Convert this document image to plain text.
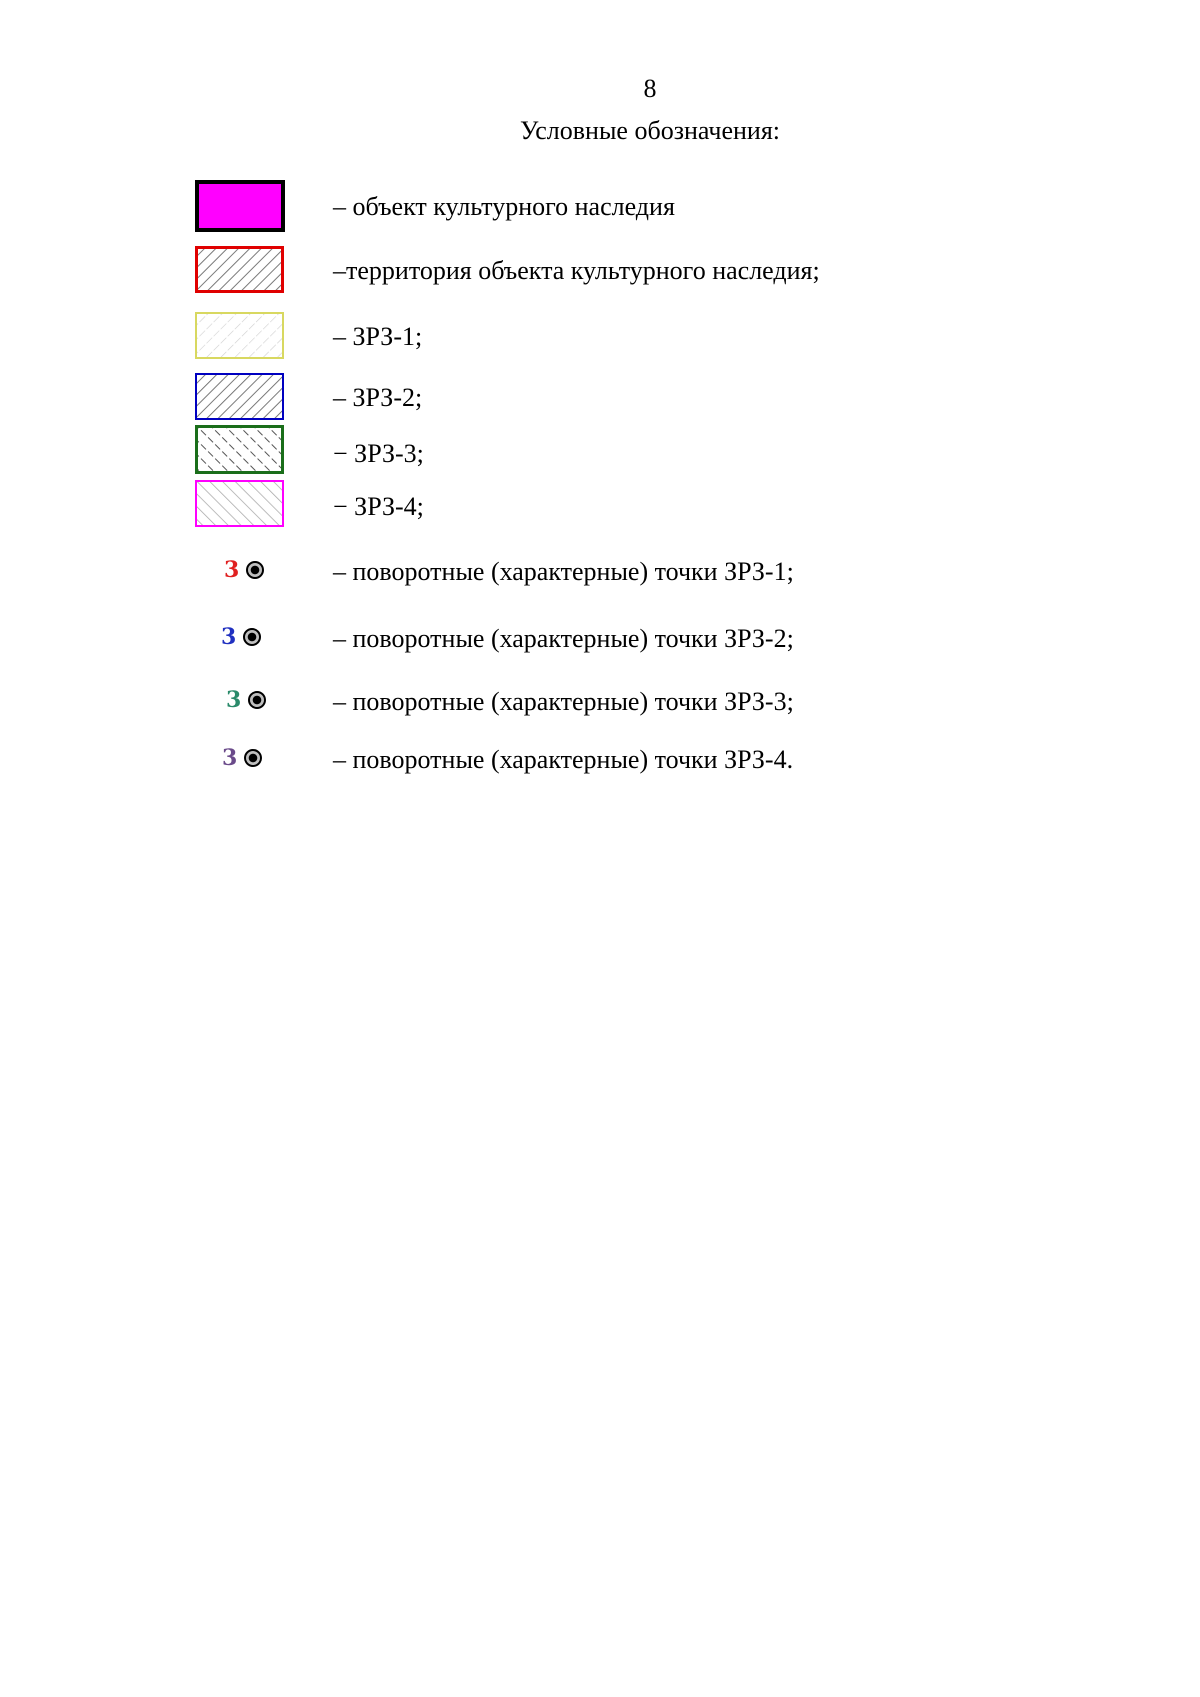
8
Условные обозначения:
– объект культурного наследия
–территория объекта культурного наследия;
– ЗРЗ-1;
– ЗРЗ-2;
− ЗРЗ-3;
− ЗРЗ-4;
3	– поворотные (характерные) точки ЗРЗ-1;
3	– поворотные (характерные) точки ЗРЗ-2;
3	– поворотные (характерные) точки ЗРЗ-3;
3	– поворотные (характерные) точки ЗРЗ-4.
